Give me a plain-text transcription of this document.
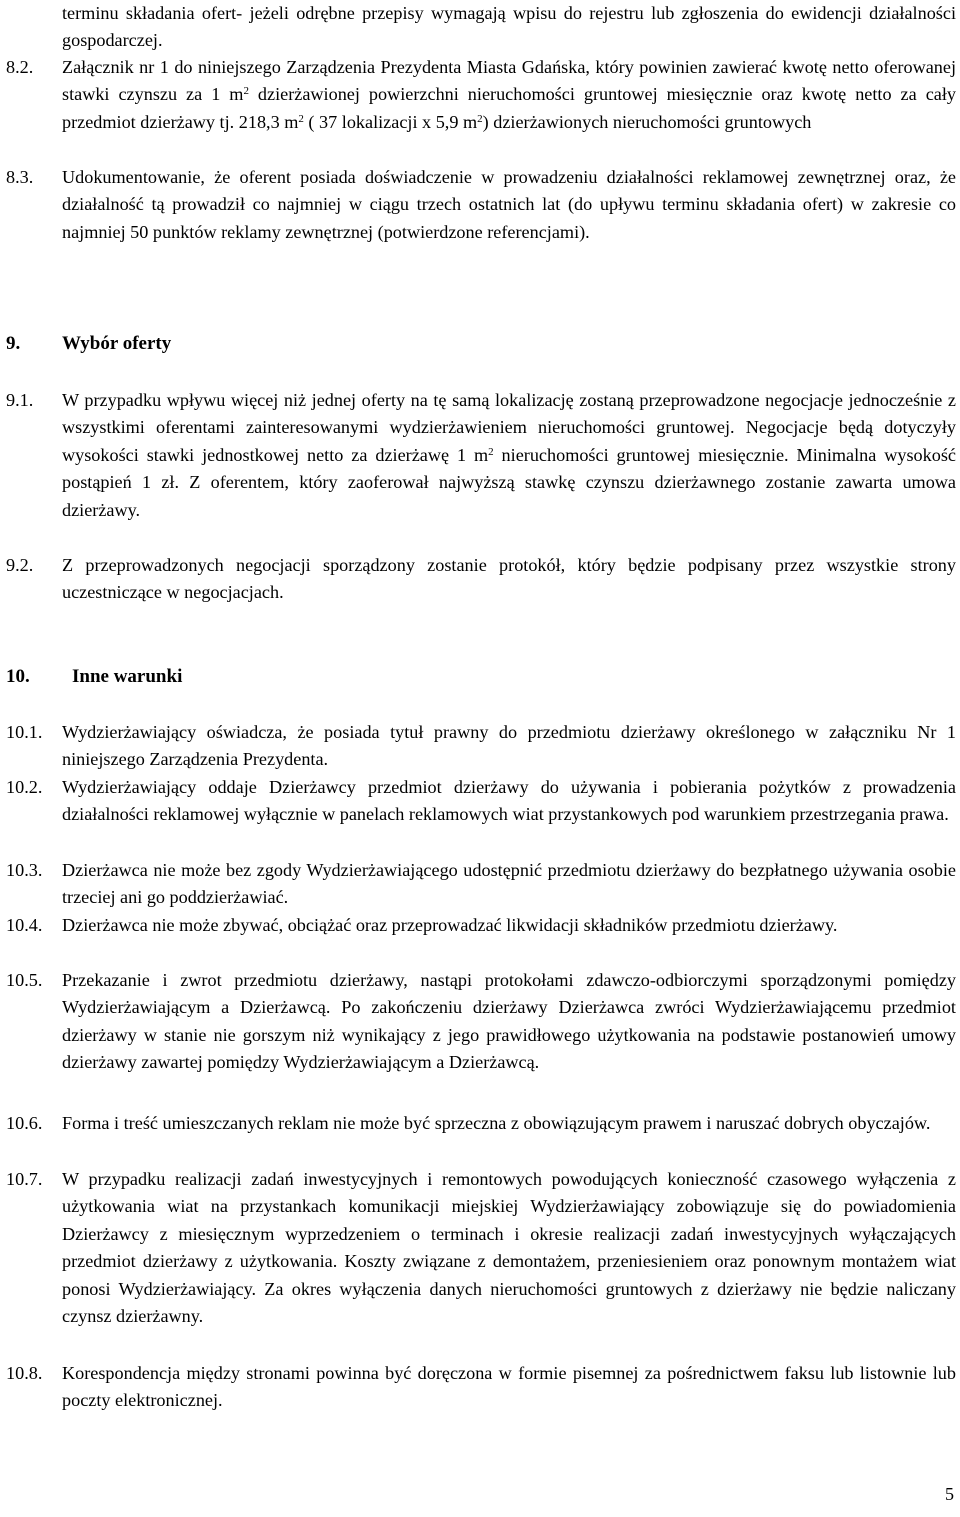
terminu składania ofert- jeżeli odrębne przepisy wymagają wpisu do rejestru lub zgłoszenia do ewidencji działalności gospodarczej.
8.2. Załącznik nr 1 do niniejszego Zarządzenia Prezydenta Miasta Gdańska, który powinien zawierać kwotę netto oferowanej stawki czynszu za 1 $m^2$ dzierżawionej powierzchni nieruchomości gruntowej miesięcznie oraz kwotę netto za cały przedmiot dzierżawy tj. 218,3 $m^2$ ( 37 lokalizacji x 5,9 $m^2$) dzierżawionych nieruchomości gruntowych
8.3. Udokumentowanie, że oferent posiada doświadczenie w prowadzeniu działalności reklamowej zewnętrznej oraz, że działalność tą prowadził co najmniej w ciągu trzech ostatnich lat (do upływu terminu składania ofert) w zakresie co najmniej 50 punktów reklamy zewnętrznej (potwierdzone referencjami).
9. Wybór oferty
9.1. W przypadku wpływu więcej niż jednej oferty na tę samą lokalizację zostaną przeprowadzone negocjacje jednocześnie z wszystkimi oferentami zainteresowanymi wydzierżawieniem nieruchomości gruntowej. Negocjacje będą dotyczyły wysokości stawki jednostkowej netto za dzierżawę 1 $m^2$ nieruchomości gruntowej miesięcznie. Minimalna wysokość postąpień 1 zł. Z oferentem, który zaoferował najwyższą stawkę czynszu dzierżawnego zostanie zawarta umowa dzierżawy.
9.2. Z przeprowadzonych negocjacji sporządzony zostanie protokół, który będzie podpisany przez wszystkie strony uczestniczące w negocjacjach.
10. Inne warunki
10.1. Wydzierżawiający oświadcza, że posiada tytuł prawny do przedmiotu dzierżawy określonego w załączniku Nr 1 niniejszego Zarządzenia Prezydenta.
10.2. Wydzierżawiający oddaje Dzierżawcy przedmiot dzierżawy do używania i pobierania pożytków z prowadzenia działalności reklamowej wyłącznie w panelach reklamowych wiat przystankowych pod warunkiem przestrzegania prawa.
10.3. Dzierżawca nie może bez zgody Wydzierżawiającego udostępnić przedmiotu dzierżawy do bezpłatnego używania osobie trzeciej ani go poddzierżawiać.
10.4. Dzierżawca nie może zbywać, obciążać oraz przeprowadzać likwidacji składników przedmiotu dzierżawy.
10.5. Przekazanie i zwrot przedmiotu dzierżawy, nastąpi protokołami zdawczo-odbiorczymi sporządzonymi pomiędzy Wydzierżawiającym a Dzierżawcą. Po zakończeniu dzierżawy Dzierżawca zwróci Wydzierżawiającemu przedmiot dzierżawy w stanie nie gorszym niż wynikający z jego prawidłowego użytkowania na podstawie postanowień umowy dzierżawy zawartej pomiędzy Wydzierżawiającym a Dzierżawcą.
10.6. Forma i treść umieszczanych reklam nie może być sprzeczna z obowiązującym prawem i naruszać dobrych obyczajów.
10.7. W przypadku realizacji zadań inwestycyjnych i remontowych powodujących konieczność czasowego wyłączenia z użytkowania wiat na przystankach komunikacji miejskiej Wydzierżawiający zobowiązuje się do powiadomienia Dzierżawcy z miesięcznym wyprzedzeniem o terminach i okresie realizacji zadań inwestycyjnych wyłączających przedmiot dzierżawy z użytkowania. Koszty związane z demontażem, przeniesieniem oraz ponownym montażem wiat ponosi Wydzierżawiający. Za okres wyłączenia danych nieruchomości gruntowych z dzierżawy nie będzie naliczany czynsz dzierżawny.
10.8. Korespondencja między stronami powinna być doręczona w formie pisemnej za pośrednictwem faksu lub listownie lub poczty elektronicznej.
5
